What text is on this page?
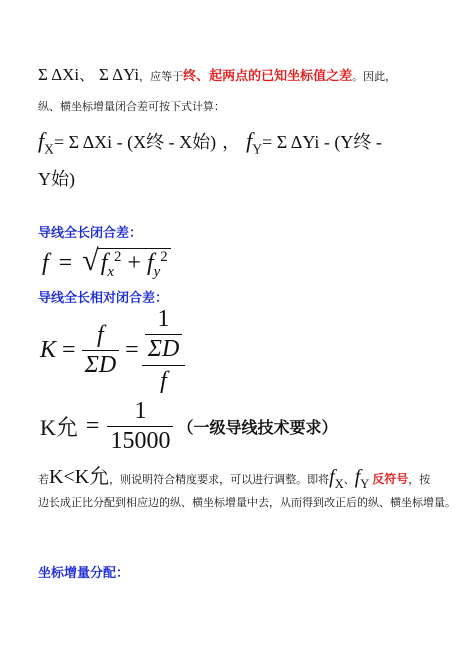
Σ ΔXi、 Σ ΔYi，应等于终、起两点的已知坐标值之差。因此，
纵、横坐标增量闭合差可按下式计算：
$f_X= \Sigma$ ΔXi - (X终 - X始) ， $f_Y= \Sigma$ ΔYi - (Y终 -
Y始)
导线全长闭合差：
$f = √f_x^2 + f_y^2$
导线全长相对闭合差：
$K = \frac{f}{\Sigma D} = \frac{1}{\frac{\Sigma D}{f}}$
K允 = $\frac{1}{15000}$ （一级导线技术要求）
若 K<K允 ，则说明符合精度要求，可以进行调整。即将 $f_X$ 、 $f_Y$ 反符号 ，按
边长成正比分配到相应边的纵、横坐标增量中去，从而得到改正后的纵、横坐标增量。
坐标增量分配：
